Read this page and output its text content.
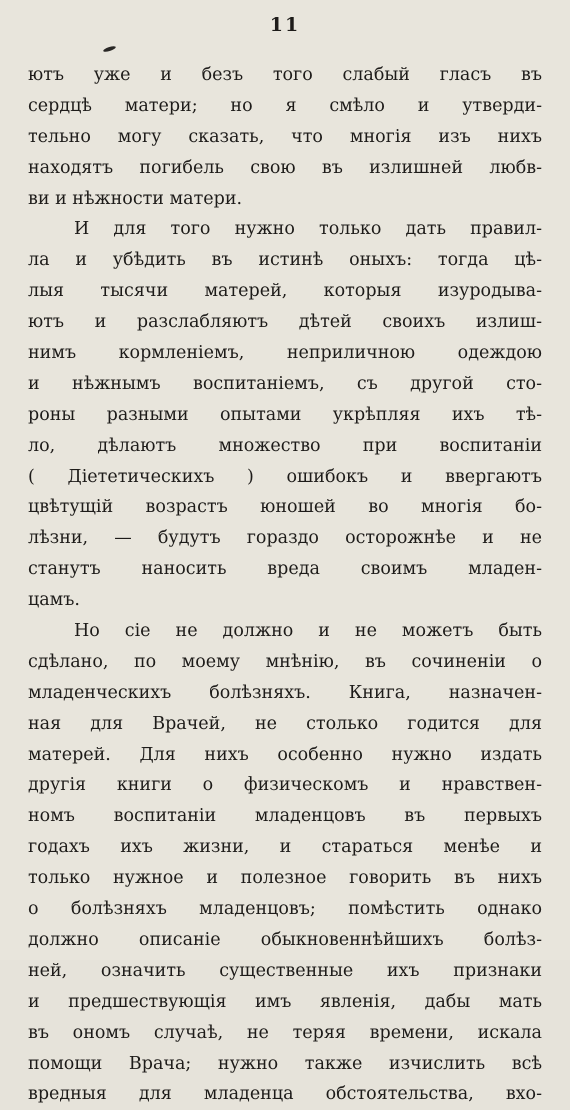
11
ютъ уже и безъ того слабый гласъ въ
сердцѣ матери; но я смѣло и утверди-
тельно могу сказать, что многія изъ нихъ
находятъ погибель свою въ излишней любв-
ви и нѣжности матери.
И для того нужно только дать правил-
ла и убѣдить въ истинѣ оныхъ: тогда цѣ-
лыя тысячи матерей, которыя изуродыва-
ютъ и разслабляютъ дѣтей своихъ излиш-
нимъ кормленіемъ, неприличною одеждою
и нѣжнымъ воспитаніемъ, съ другой сто-
роны разными опытами укрѣпляя ихъ тѣ-
ло, дѣлаютъ множество при воспитаніи
( Діететическихъ ) ошибокъ и ввергаютъ
цвѣтущій возрастъ юношей во многія бо-
лѣзни, — будутъ гораздо осторожнѣе и не
станутъ наносить вреда своимъ младен-
цамъ.
Но сіе не должно и не можетъ быть
сдѣлано, по моему мнѣнію, въ сочиненіи о
младенческихъ болѣзняхъ. Книга, назначен-
ная для Врачей, не столько годится для
матерей. Для нихъ особенно нужно издать
другія книги о физическомъ и нравствен-
номъ воспитаніи младенцовъ въ первыхъ
годахъ ихъ жизни, и стараться менѣе и
только нужное и полезное говорить въ нихъ
о болѣзняхъ младенцовъ; помѣстить однако
должно описаніе обыкновеннѣйшихъ болѣз-
ней, означить существенные ихъ признаки
и предшествующія имъ явленія, дабы мать
въ ономъ случаѣ, не теряя времени, искала
помощи Врача; нужно также изчислить всѣ
вредныя для младенца обстоятельства, вхо-
